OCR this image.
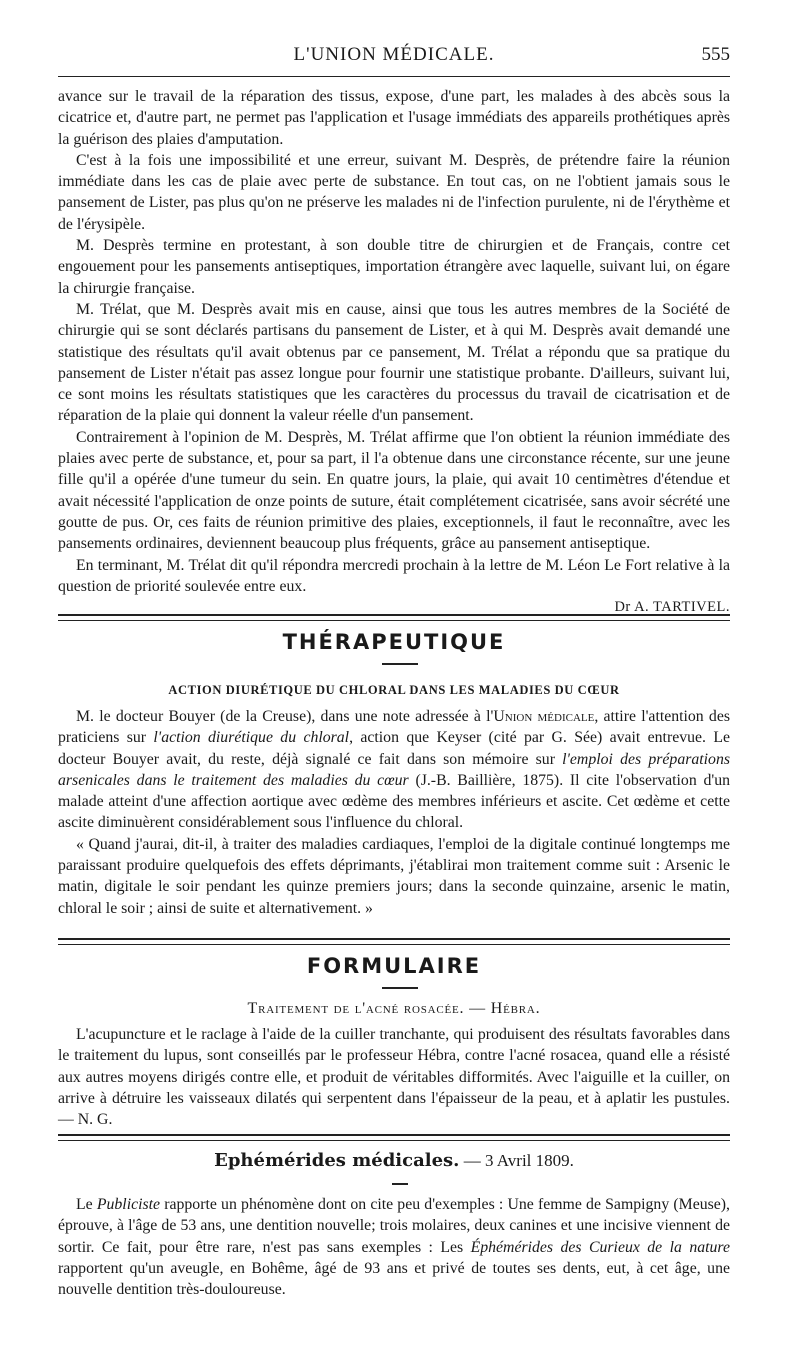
L'UNION MÉDICALE.	555

avance sur le travail de la réparation des tissus, expose, d'une part, les malades à des abcès sous la cicatrice et, d'autre part, ne permet pas l'application et l'usage immédiats des appareils prothétiques après la guérison des plaies d'amputation.

C'est à la fois une impossibilité et une erreur, suivant M. Desprès, de prétendre faire la réunion immédiate dans les cas de plaie avec perte de substance. En tout cas, on ne l'obtient jamais sous le pansement de Lister, pas plus qu'on ne préserve les malades ni de l'infection purulente, ni de l'érythème et de l'érysipèle.

M. Desprès termine en protestant, à son double titre de chirurgien et de Français, contre cet engouement pour les pansements antiseptiques, importation étrangère avec laquelle, suivant lui, on égare la chirurgie française.

M. Trélat, que M. Desprès avait mis en cause, ainsi que tous les autres membres de la Société de chirurgie qui se sont déclarés partisans du pansement de Lister, et à qui M. Desprès avait demandé une statistique des résultats qu'il avait obtenus par ce pansement, M. Trélat a répondu que sa pratique du pansement de Lister n'était pas assez longue pour fournir une statistique probante. D'ailleurs, suivant lui, ce sont moins les résultats statistiques que les caractères du processus du travail de cicatrisation et de réparation de la plaie qui donnent la valeur réelle d'un pansement.

Contrairement à l'opinion de M. Desprès, M. Trélat affirme que l'on obtient la réunion immédiate des plaies avec perte de substance, et, pour sa part, il l'a obtenue dans une circonstance récente, sur une jeune fille qu'il a opérée d'une tumeur du sein. En quatre jours, la plaie, qui avait 10 centimètres d'étendue et avait nécessité l'application de onze points de suture, était complétement cicatrisée, sans avoir sécrété une goutte de pus. Or, ces faits de réunion primitive des plaies, exceptionnels, il faut le reconnaître, avec les pansements ordinaires, deviennent beaucoup plus fréquents, grâce au pansement antiseptique.

En terminant, M. Trélat dit qu'il répondra mercredi prochain à la lettre de M. Léon Le Fort relative à la question de priorité soulevée entre eux.

Dr A. TARTIVEL.
THÉRAPEUTIQUE
ACTION DIURÉTIQUE DU CHLORAL DANS LES MALADIES DU CŒUR

M. le docteur Bouyer (de la Creuse), dans une note adressée à l'Union médicale, attire l'attention des praticiens sur l'action diurétique du chloral, action que Keyser (cité par G. Sée) avait entrevue. Le docteur Bouyer avait, du reste, déjà signalé ce fait dans son mémoire sur l'emploi des préparations arsenicales dans le traitement des maladies du cœur (J.-B. Baillière, 1875). Il cite l'observation d'un malade atteint d'une affection aortique avec œdème des membres inférieurs et ascite. Cet œdème et cette ascite diminuèrent considérablement sous l'influence du chloral.

« Quand j'aurai, dit-il, à traiter des maladies cardiaques, l'emploi de la digitale continué longtemps me paraissant produire quelquefois des effets déprimants, j'établirai mon traitement comme suit : Arsenic le matin, digitale le soir pendant les quinze premiers jours; dans la seconde quinzaine, arsenic le matin, chloral le soir ; ainsi de suite et alternativement. »

FORMULAIRE
Traitement de l'acné rosacée. — Hébra.

L'acupuncture et le raclage à l'aide de la cuiller tranchante, qui produisent des résultats favorables dans le traitement du lupus, sont conseillés par le professeur Hébra, contre l'acné rosacea, quand elle a résisté aux autres moyens dirigés contre elle, et produit de véritables difformités. Avec l'aiguille et la cuiller, on arrive à détruire les vaisseaux dilatés qui serpentent dans l'épaisseur de la peau, et à aplatir les pustules. — N. G.

Ephémérides médicales. — 3 Avril 1809.

Le Publiciste rapporte un phénomène dont on cite peu d'exemples : Une femme de Sampigny (Meuse), éprouve, à l'âge de 53 ans, une dentition nouvelle; trois molaires, deux canines et une incisive viennent de sortir. Ce fait, pour être rare, n'est pas sans exemples : Les Éphémérides des Curieux de la nature rapportent qu'un aveugle, en Bohême, âgé de 93 ans et privé de toutes ses dents, eut, à cet âge, une nouvelle dentition très-douloureuse.
